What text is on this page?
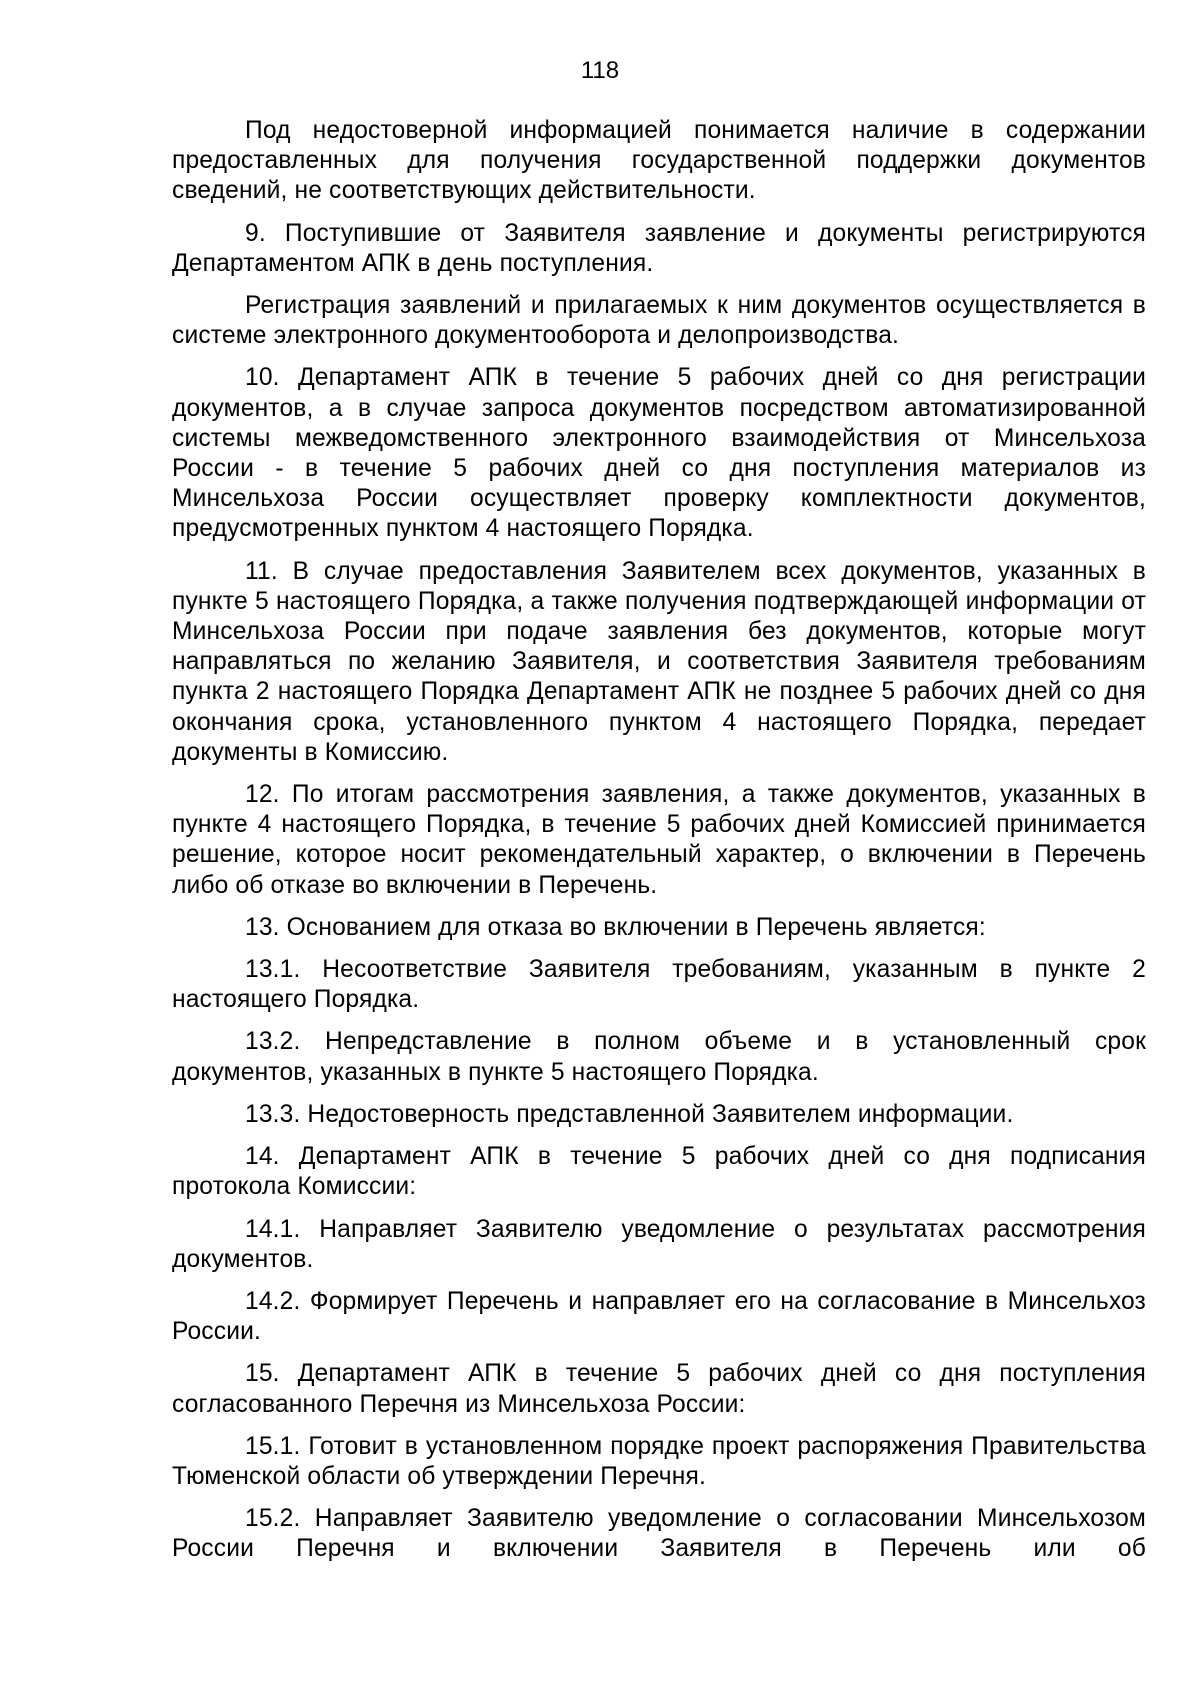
118

Под недостоверной информацией понимается наличие в содержании предоставленных для получения государственной поддержки документов сведений, не соответствующих действительности.

9. Поступившие от Заявителя заявление и документы регистрируются Департаментом АПК в день поступления.

Регистрация заявлений и прилагаемых к ним документов осуществляется в системе электронного документооборота и делопроизводства.

10. Департамент АПК в течение 5 рабочих дней со дня регистрации документов, а в случае запроса документов посредством автоматизированной системы межведомственного электронного взаимодействия от Минсельхоза России - в течение 5 рабочих дней со дня поступления материалов из Минсельхоза России осуществляет проверку комплектности документов, предусмотренных пунктом 4 настоящего Порядка.

11. В случае предоставления Заявителем всех документов, указанных в пункте 5 настоящего Порядка, а также получения подтверждающей информации от Минсельхоза России при подаче заявления без документов, которые могут направляться по желанию Заявителя, и соответствия Заявителя требованиям пункта 2 настоящего Порядка Департамент АПК не позднее 5 рабочих дней со дня окончания срока, установленного пунктом 4 настоящего Порядка, передает документы в Комиссию.

12. По итогам рассмотрения заявления, а также документов, указанных в пункте 4 настоящего Порядка, в течение 5 рабочих дней Комиссией принимается решение, которое носит рекомендательный характер, о включении в Перечень либо об отказе во включении в Перечень.

13. Основанием для отказа во включении в Перечень является:

13.1. Несоответствие Заявителя требованиям, указанным в пункте 2 настоящего Порядка.

13.2. Непредставление в полном объеме и в установленный срок документов, указанных в пункте 5 настоящего Порядка.

13.3. Недостоверность представленной Заявителем информации.

14. Департамент АПК в течение 5 рабочих дней со дня подписания протокола Комиссии:

14.1. Направляет Заявителю уведомление о результатах рассмотрения документов.

14.2. Формирует Перечень и направляет его на согласование в Минсельхоз России.

15. Департамент АПК в течение 5 рабочих дней со дня поступления согласованного Перечня из Минсельхоза России:

15.1. Готовит в установленном порядке проект распоряжения Правительства Тюменской области об утверждении Перечня.

15.2. Направляет Заявителю уведомление о согласовании Минсельхозом России Перечня и включении Заявителя в Перечень или об
